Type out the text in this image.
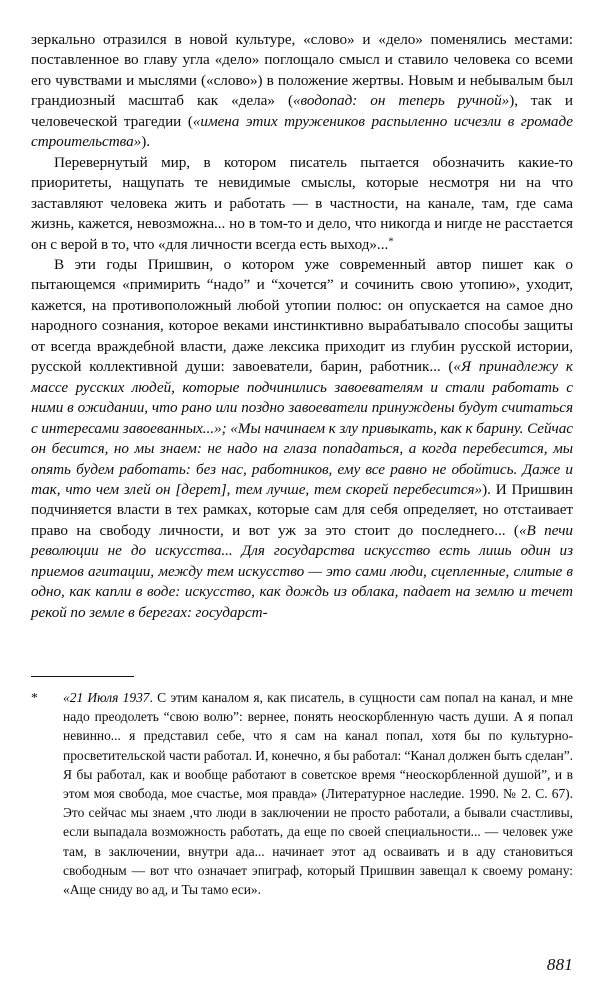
зеркально отразился в новой культуре, «слово» и «дело» поменялись местами: поставленное во главу угла «дело» поглощало смысл и ставило человека со всеми его чувствами и мыслями («слово») в положение жертвы. Новым и небывалым был грандиозный масштаб как «дела» («водопад: он теперь ручной»), так и человеческой трагедии («имена этих тружеников распыленно исчезли в громаде строительства»).

Перевернутый мир, в котором писатель пытается обозначить какие-то приоритеты, нащупать те невидимые смыслы, которые несмотря ни на что заставляют человека жить и работать — в частности, на канале, там, где сама жизнь, кажется, невозможна... но в том-то и дело, что никогда и нигде не расстается он с верой в то, что «для личности всегда есть выход»...*

В эти годы Пришвин, о котором уже современный автор пишет как о пытающемся «примирить “надо” и “хочется” и сочинить свою утопию», уходит, кажется, на противоположный любой утопии полюс: он опускается на самое дно народного сознания, которое веками инстинктивно вырабатывало способы защиты от всегда враждебной власти, даже лексика приходит из глубин русской истории, русской коллективной души: завоеватели, барин, работник... («Я принадлежу к массе русских людей, которые подчинились завоевателям и стали работать с ними в ожидании, что рано или поздно завоеватели принуждены будут считаться с интересами завоеванных...»; «Мы начинаем к злу привыкать, как к барину. Сейчас он бесится, но мы знаем: не надо на глаза попадаться, а когда перебесится, мы опять будем работать: без нас, работников, ему все равно не обойтись. Даже и так, что чем злей он [дерет], тем лучше, тем скорей перебесится»). И Пришвин подчиняется власти в тех рамках, которые сам для себя определяет, но отстаивает право на свободу личности, и вот уж за это стоит до последнего... («В печи революции не до искусства... Для государства искусство есть лишь один из приемов агитации, между тем искусство — это сами люди, сцепленные, слитые в одно, как капли в воде: искусство, как дождь из облака, падает на землю и течет рекой по земле в берегах: государст-

* «21 Июля 1937. С этим каналом я, как писатель, в сущности сам попал на канал, и мне надо преодолеть “свою волю”: вернее, понять неоскорбленную часть души. А я попал невинно... я представил себе, что я сам на канал попал, хотя бы по культурно-просветительской части работал. И, конечно, я бы работал: “Канал должен быть сделан”. Я бы работал, как и вообще работают в советское время “неоскорбленной душой”, и в этом моя свобода, мое счастье, моя правда» (Литературное наследие. 1990. № 2. С. 67). Это сейчас мы знаем ,что люди в заключении не просто работали, а бывали счастливы, если выпадала возможность работать, да еще по своей специальности... — человек уже там, в заключении, внутри ада... начинает этот ад осваивать и в аду становиться свободным — вот что означает эпиграф, который Пришвин завещал к своему роману: «Аще сниду во ад, и Ты тамо еси».

881
